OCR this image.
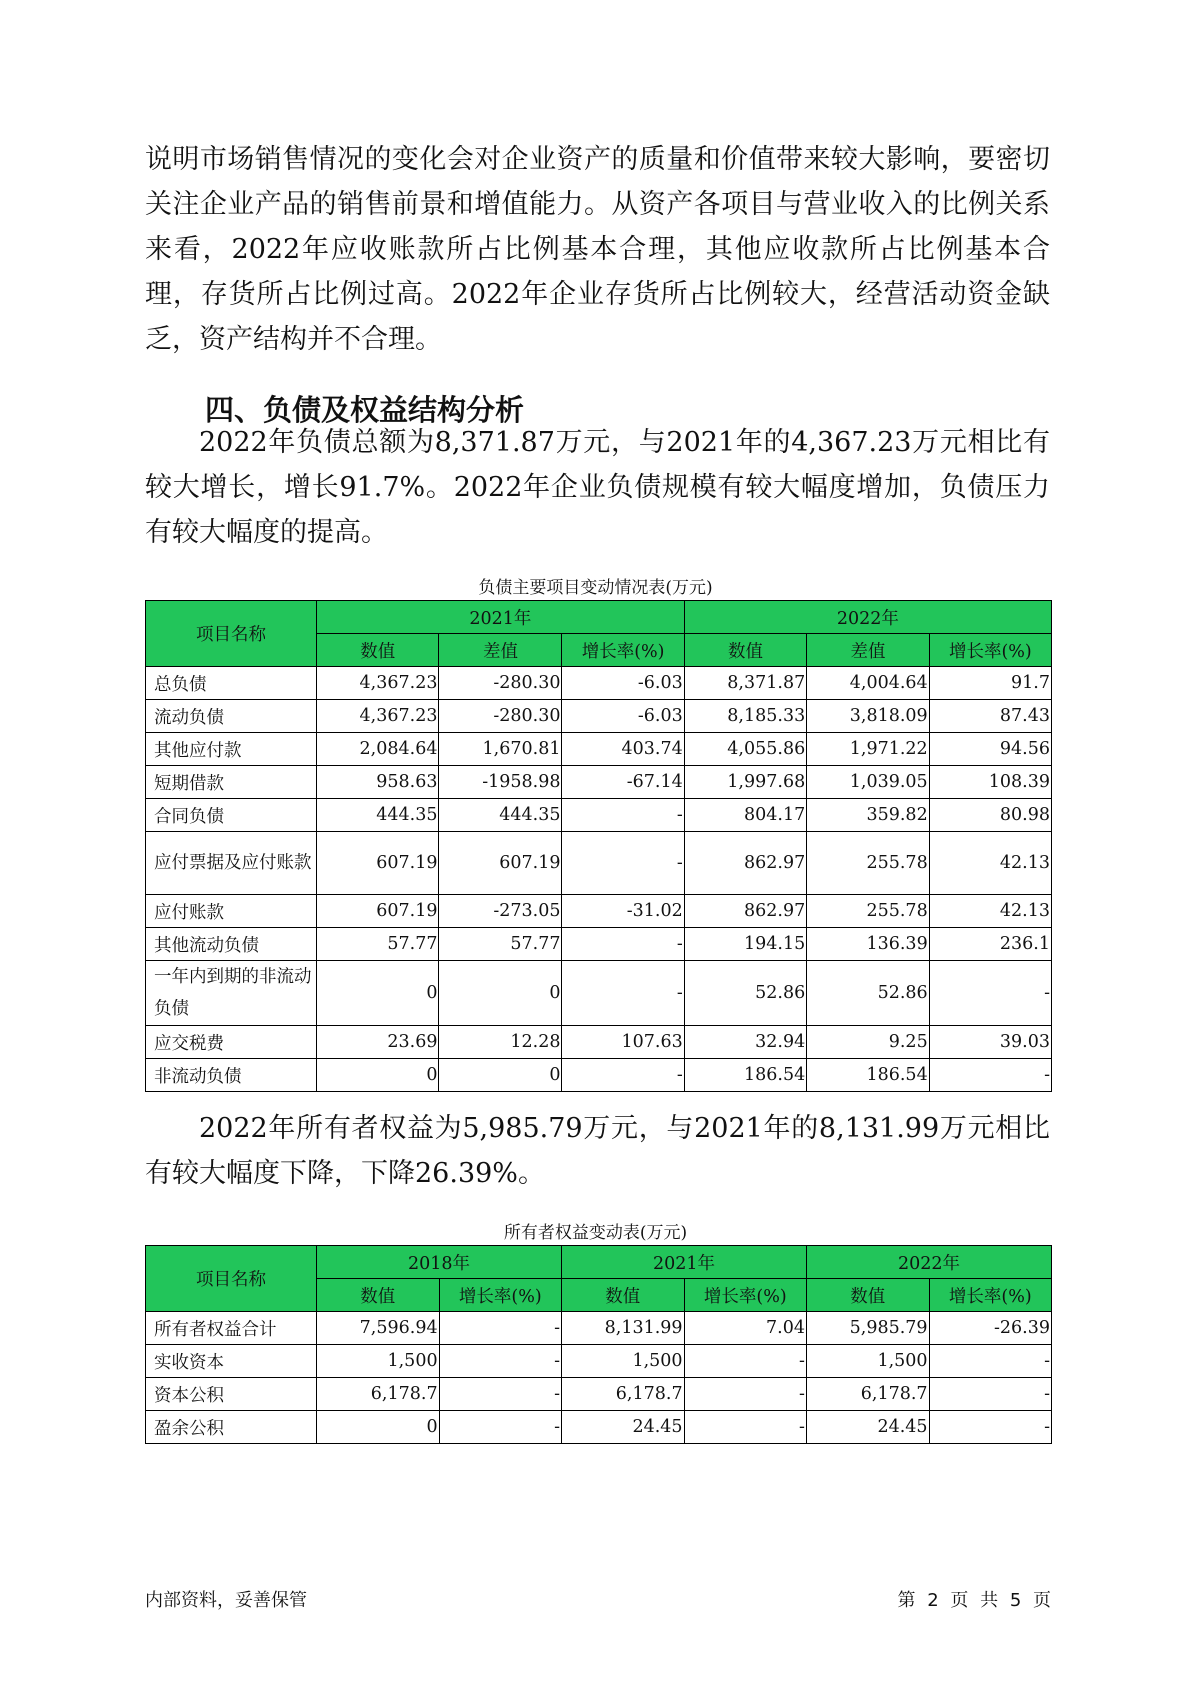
说明市场销售情况的变化会对企业资产的质量和价值带来较大影响，要密切关注企业产品的销售前景和增值能力。从资产各项目与营业收入的比例关系来看，2022年应收账款所占比例基本合理，其他应收款所占比例基本合理，存货所占比例过高。2022年企业存货所占比例较大，经营活动资金缺乏，资产结构并不合理。

四、负债及权益结构分析

2022年负债总额为8,371.87万元，与2021年的4,367.23万元相比有较大增长，增长91.7%。2022年企业负债规模有较大幅度增加，负债压力有较大幅度的提高。

负债主要项目变动情况表(万元)
项目名称	2021年			2022年		
	数值	差值	增长率(%)	数值	差值	增长率(%)
总负债	4,367.23	-280.30	-6.03	8,371.87	4,004.64	91.7
流动负债	4,367.23	-280.30	-6.03	8,185.33	3,818.09	87.43
其他应付款	2,084.64	1,670.81	403.74	4,055.86	1,971.22	94.56
短期借款	958.63	-1958.98	-67.14	1,997.68	1,039.05	108.39
合同负债	444.35	444.35	-	804.17	359.82	80.98
应付票据及应付账款	607.19	607.19	-	862.97	255.78	42.13
应付账款	607.19	-273.05	-31.02	862.97	255.78	42.13
其他流动负债	57.77	57.77	-	194.15	136.39	236.1
一年内到期的非流动负债	0	0	-	52.86	52.86	-
应交税费	23.69	12.28	107.63	32.94	9.25	39.03
非流动负债	0	0	-	186.54	186.54	-

2022年所有者权益为5,985.79万元，与2021年的8,131.99万元相比有较大幅度下降，下降26.39%。

所有者权益变动表(万元)
项目名称	2018年		2021年		2022年	
	数值	增长率(%)	数值	增长率(%)	数值	增长率(%)
所有者权益合计	7,596.94	-	8,131.99	7.04	5,985.79	-26.39
实收资本	1,500	-	1,500	-	1,500	-
资本公积	6,178.7	-	6,178.7	-	6,178.7	-
盈余公积	0	-	24.45	-	24.45	-
内部资料，妥善保管	第 2 页 共 5 页
